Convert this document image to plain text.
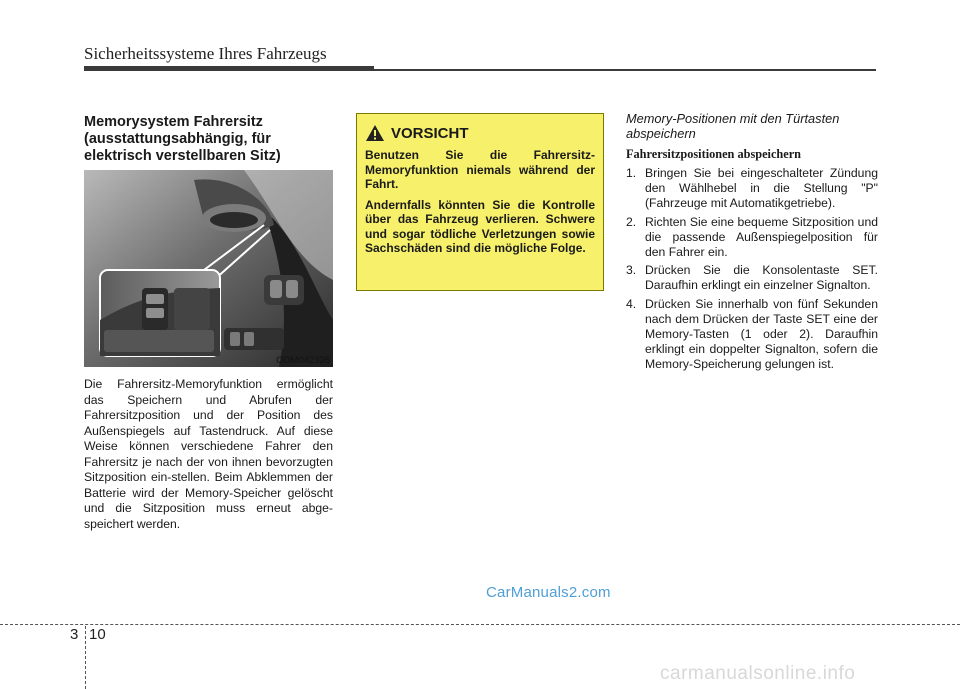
Sicherheitssysteme Ihres Fahrzeugs

Memorysystem Fahrersitz

(ausstattungsabhängig, für

elektrisch verstellbaren Sitz)

ODM042335

Die Fahrersitz-Memoryfunktion ermöglicht das Speichern und Abrufen der Fahrersitzposition und der Position des Außenspiegels auf Tastendruck. Auf diese Weise können verschiedene Fahrer den Fahrersitz je nach der von ihnen bevorzugten Sitzposition ein-stellen. Beim Abklemmen der Batterie wird der Memory-Speicher gelöscht und die Sitzposition muss erneut abge-speichert werden.

VORSICHT

Benutzen Sie die Fahrersitz-Memoryfunktion niemals während der Fahrt.

Andernfalls könnten Sie die Kontrolle über das Fahrzeug verlieren. Schwere und sogar tödliche Verletzungen sowie Sachschäden sind die mögliche Folge.

Memory-Positionen mit den Türtasten abspeichern

Fahrersitzpositionen abspeichern

1. Bringen Sie bei eingeschalteter Zündung den Wählhebel in die Stellung "P" (Fahrzeuge mit Automatikgetriebe).
2. Richten Sie eine bequeme Sitzposition und die passende Außenspiegelposition für den Fahrer ein.
3. Drücken Sie die Konsolentaste SET. Daraufhin erklingt ein einzelner Signalton.
4. Drücken Sie innerhalb von fünf Sekunden nach dem Drücken der Taste SET eine der Memory-Tasten (1 oder 2). Daraufhin erklingt ein doppelter Signalton, sofern die Memory-Speicherung gelungen ist.
CarManuals2.com
3 10
carmanualsonline.info
